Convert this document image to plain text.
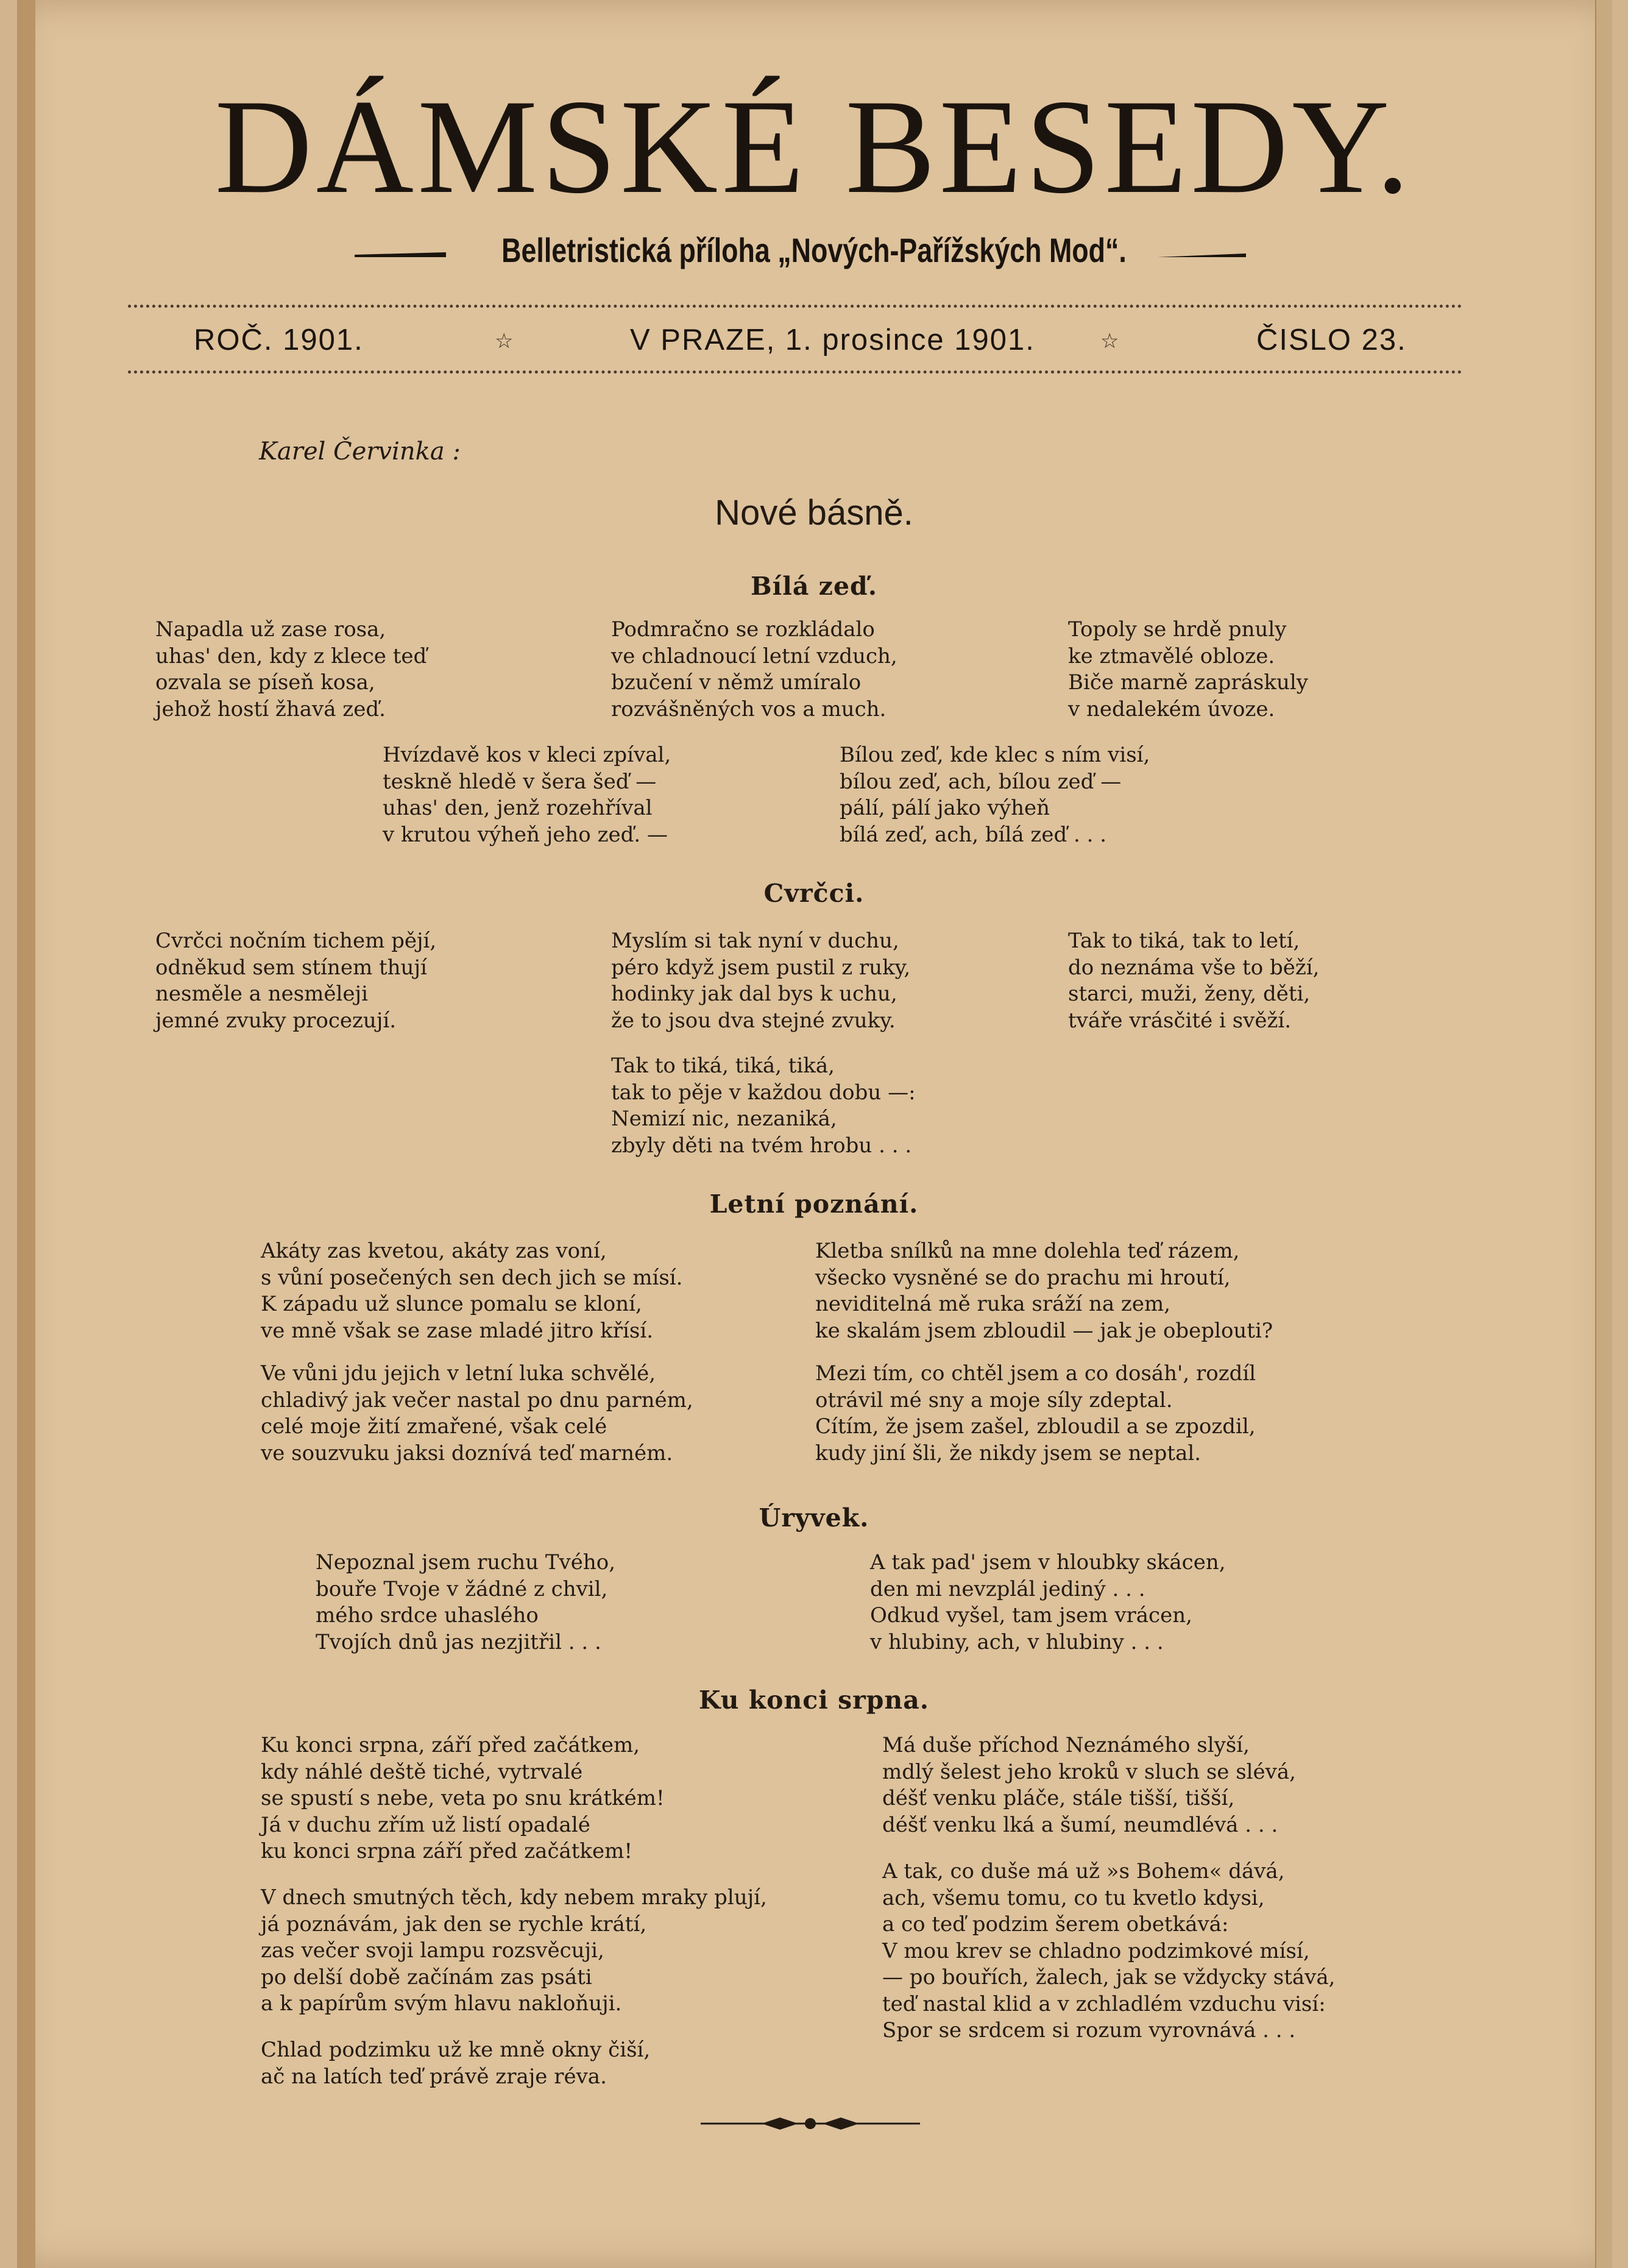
DÁMSKÉ BESEDY.
Belletristická příloha „Nových-Pařížských Mod“.
ROČ. 1901.	☆	V PRAZE, 1. prosince 1901.	☆	ČISLO 23.
Karel Červinka :
Nové básně.
Bílá zeď.
Napadla už zase rosa,
uhas' den, kdy z klece teď
ozvala se píseň kosa,
jehož hostí žhavá zeď.
Podmračno se rozkládalo
ve chladnoucí letní vzduch,
bzučení v němž umíralo
rozvášněných vos a much.
Topoly se hrdě pnuly
ke ztmavělé obloze.
Biče marně zapráskuly
v nedalekém úvoze.
Hvízdavě kos v kleci zpíval,
teskně hledě v šera šeď —
uhas' den, jenž rozehříval
v krutou výheň jeho zeď. —
Bílou zeď, kde klec s ním visí,
bílou zeď, ach, bílou zeď —
pálí, pálí jako výheň
bílá zeď, ach, bílá zeď . . .
Cvrčci.
Cvrčci nočním tichem pějí,
odněkud sem stínem thují
nesměle a nesměleji
jemné zvuky procezují.
Myslím si tak nyní v duchu,
péro když jsem pustil z ruky,
hodinky jak dal bys k uchu,
že to jsou dva stejné zvuky.
Tak to tiká, tak to letí,
do neznáma vše to běží,
starci, muži, ženy, děti,
tváře vrásčité i svěží.
Tak to tiká, tiká, tiká,
tak to pěje v každou dobu —:
Nemizí nic, nezaniká,
zbyly děti na tvém hrobu . . .
Letní poznání.
Akáty zas kvetou, akáty zas voní,
s vůní posečených sen dech jich se mísí.
K západu už slunce pomalu se kloní,
ve mně však se zase mladé jitro křísí.
Ve vůni jdu jejich v letní luka schvělé,
chladivý jak večer nastal po dnu parném,
celé moje žití zmařené, však celé
ve souzvuku jaksi doznívá teď marném.
Kletba snílků na mne dolehla teď rázem,
všecko vysněné se do prachu mi hroutí,
neviditelná mě ruka sráží na zem,
ke skalám jsem zbloudil — jak je obeplouti?
Mezi tím, co chtěl jsem a co dosáh', rozdíl
otrávil mé sny a moje síly zdeptal.
Cítím, že jsem zašel, zbloudil a se zpozdil,
kudy jiní šli, že nikdy jsem se neptal.
Úryvek.
Nepoznal jsem ruchu Tvého,
bouře Tvoje v žádné z chvil,
mého srdce uhaslého
Tvojích dnů jas nezjitřil . . .
A tak pad' jsem v hloubky skácen,
den mi nevzplál jediný . . .
Odkud vyšel, tam jsem vrácen,
v hlubiny, ach, v hlubiny . . .
Ku konci srpna.
Ku konci srpna, září před začátkem,
kdy náhlé deště tiché, vytrvalé
se spustí s nebe, veta po snu krátkém!
Já v duchu zřím už listí opadalé
ku konci srpna září před začátkem!
V dnech smutných těch, kdy nebem mraky plují,
já poznávám, jak den se rychle krátí,
zas večer svoji lampu rozsvěcuji,
po delší době začínám zas psáti
a k papírům svým hlavu nakloňuji.
Chlad podzimku už ke mně okny čiší,
ač na latích teď právě zraje réva.
Má duše příchod Neznámého slyší,
mdlý šelest jeho kroků v sluch se slévá,
déšť venku pláče, stále tišší, tišší,
déšť venku lká a šumí, neumdlévá . . .
A tak, co duše má už »s Bohem« dává,
ach, všemu tomu, co tu kvetlo kdysi,
a co teď podzim šerem obetkává:
V mou krev se chladno podzimkové mísí,
— po bouřích, žalech, jak se vždycky stává,
teď nastal klid a v zchladlém vzduchu visí:
Spor se srdcem si rozum vyrovnává . . .
